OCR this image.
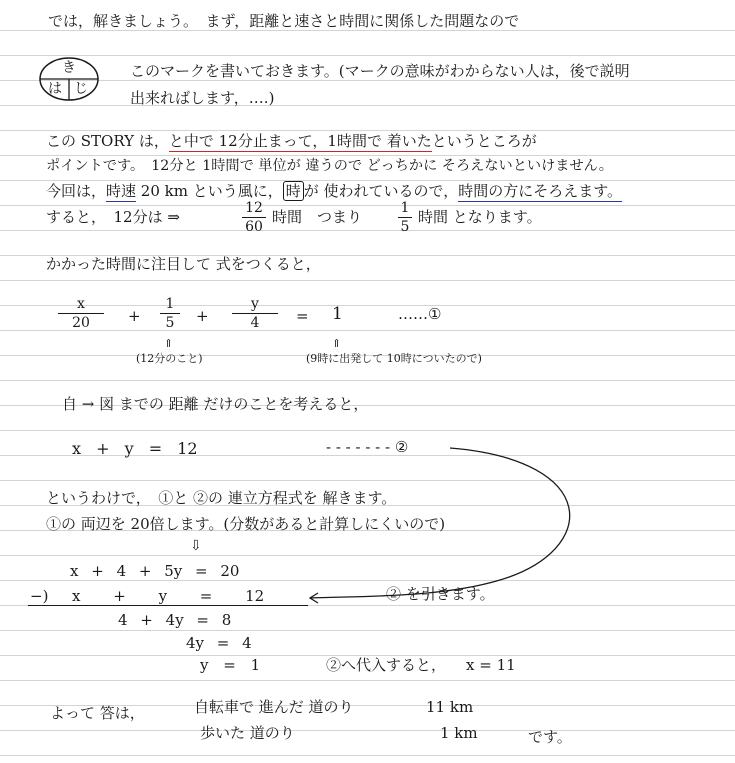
では，解きましょう。　まず，距離と速さと時間に関係した問題なので
き
は じ
このマークを書いておきます。(マークの意味がわからない人は，後で説明
出来ればします，….)
この STORY は，と中で 12分止まって，1時間で 着いたというところが
ポイントです。　12分と 1時間で 単位が 違うので どっちかに そろえないといけません。
今回は，時速 20 km という風に， 時 が 使われているので，時間の方にそろえます。
すると，　12分は ⇒	12
60
時間　つまり	1
5
時間 となります。
かかった時間に注目して 式をつくると，
x
20	+
1
5	+
y
4	= 1	……①
⇑
(12分のこと)
⇑
(9時に出発して 10時についたので)
自 → 図 までの 距離 だけのことを考えると，
x + y = 12	- - - - - - - ②
というわけで，　①と ②の 連立方程式を 解きます。
①の 両辺を 20倍します。(分数があると計算しにくいので)
⇩
x + 4 + 5y = 20
−) x + y = 12
4 + 4y = 8
4y = 4
y = 1	②へ代入すると， x = 11
② を引きます。
よって 答は，	自転車で 進んだ 道のり	11 km
歩いた 道のり	1 km	です。
